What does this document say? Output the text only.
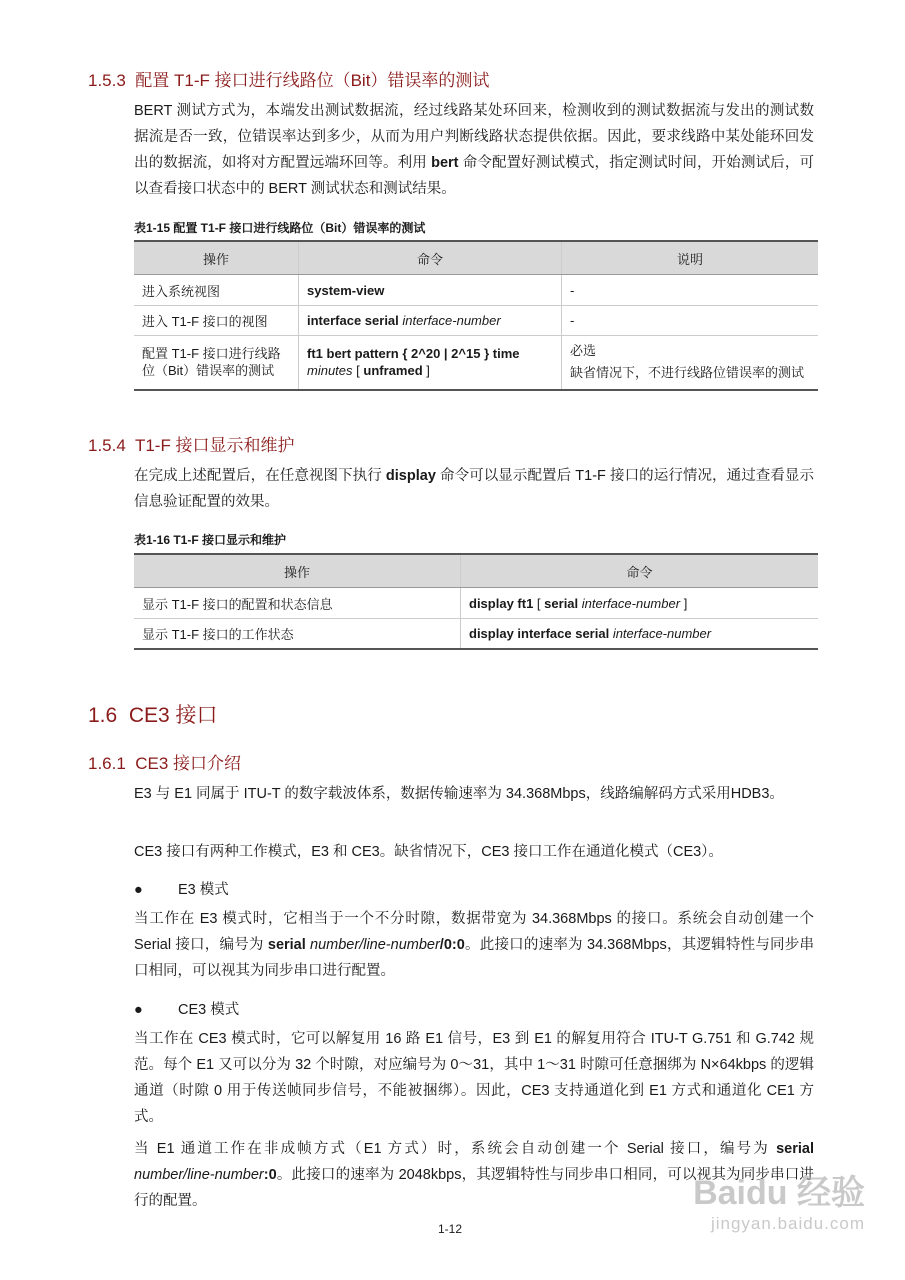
1.5.3 配置 T1-F 接口进行线路位（Bit）错误率的测试

BERT 测试方式为，本端发出测试数据流，经过线路某处环回来，检测收到的测试数据流与发出的测试数据流是否一致，位错误率达到多少，从而为用户判断线路状态提供依据。因此，要求线路中某处能环回发出的数据流，如将对方配置远端环回等。利用 bert 命令配置好测试模式，指定测试时间，开始测试后，可以查看接口状态中的 BERT 测试状态和测试结果。

表1-15 配置 T1-F 接口进行线路位（Bit）错误率的测试
操作	命令	说明
进入系统视图	system-view	-
进入 T1-F 接口的视图	interface serial interface-number	-
配置 T1-F 接口进行线路位（Bit）错误率的测试	ft1 bert pattern { 2^20 | 2^15 } time minutes [ unframed ]	必选
缺省情况下，不进行线路位错误率的测试
1.5.4 T1-F 接口显示和维护

在完成上述配置后，在任意视图下执行 display 命令可以显示配置后 T1-F 接口的运行情况，通过查看显示信息验证配置的效果。

表1-16 T1-F 接口显示和维护
操作	命令
显示 T1-F 接口的配置和状态信息	display ft1 [ serial interface-number ]
显示 T1-F 接口的工作状态	display interface serial interface-number
1.6 CE3 接口
1.6.1 CE3 接口介绍

E3 与 E1 同属于 ITU-T 的数字载波体系，数据传输速率为 34.368Mbps，线路编解码方式采用HDB3。

CE3 接口有两种工作模式，E3 和 CE3。缺省情况下，CE3 接口工作在通道化模式（CE3）。

● E3 模式

当工作在 E3 模式时，它相当于一个不分时隙，数据带宽为 34.368Mbps 的接口。系统会自动创建一个 Serial 接口，编号为 serial number/line-number/0:0。此接口的速率为 34.368Mbps，其逻辑特性与同步串口相同，可以视其为同步串口进行配置。

● CE3 模式

当工作在 CE3 模式时，它可以解复用 16 路 E1 信号，E3 到 E1 的解复用符合 ITU-T G.751 和 G.742 规范。每个 E1 又可以分为 32 个时隙，对应编号为 0～31，其中 1～31 时隙可任意捆绑为 N×64kbps 的逻辑通道（时隙 0 用于传送帧同步信号，不能被捆绑）。因此，CE3 支持通道化到 E1 方式和通道化 CE1 方式。

当 E1 通道工作在非成帧方式（E1 方式）时，系统会自动创建一个 Serial 接口，编号为 serial number/line-number:0。此接口的速率为 2048kbps，其逻辑特性与同步串口相同，可以视其为同步串口进行的配置。

1-12
Baidu 经验
jingyan.baidu.com
